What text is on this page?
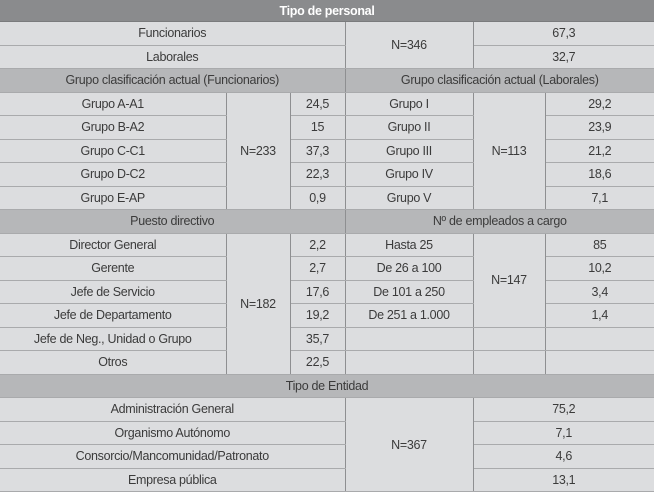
Tipo de personal					
Funcionarios			N=346	67,3	
Laborales				32,7	
Grupo clasificación actual (Funcionarios)			Grupo clasificación actual (Laborales)		
Grupo A-A1	N=233	24,5	Grupo I	N=113	29,2
Grupo B-A2		15	Grupo II		23,9
Grupo C-C1		37,3	Grupo III		21,2
Grupo D-C2		22,3	Grupo IV		18,6
Grupo E-AP		0,9	Grupo V		7,1
Puesto directivo			Nº de empleados a cargo		
Director General	N=182	2,2	Hasta 25	N=147	85
Gerente		2,7	De 26 a 100		10,2
Jefe de Servicio		17,6	De 101 a 250		3,4
Jefe de Departamento		19,2	De 251 a 1.000		1,4
Jefe de Neg., Unidad o Grupo		35,7			
Otros		22,5			
Tipo de Entidad					
Administración General			N=367	75,2	
Organismo Autónomo				7,1	
Consorcio/Mancomunidad/Patronato				4,6	
Empresa pública				13,1	
